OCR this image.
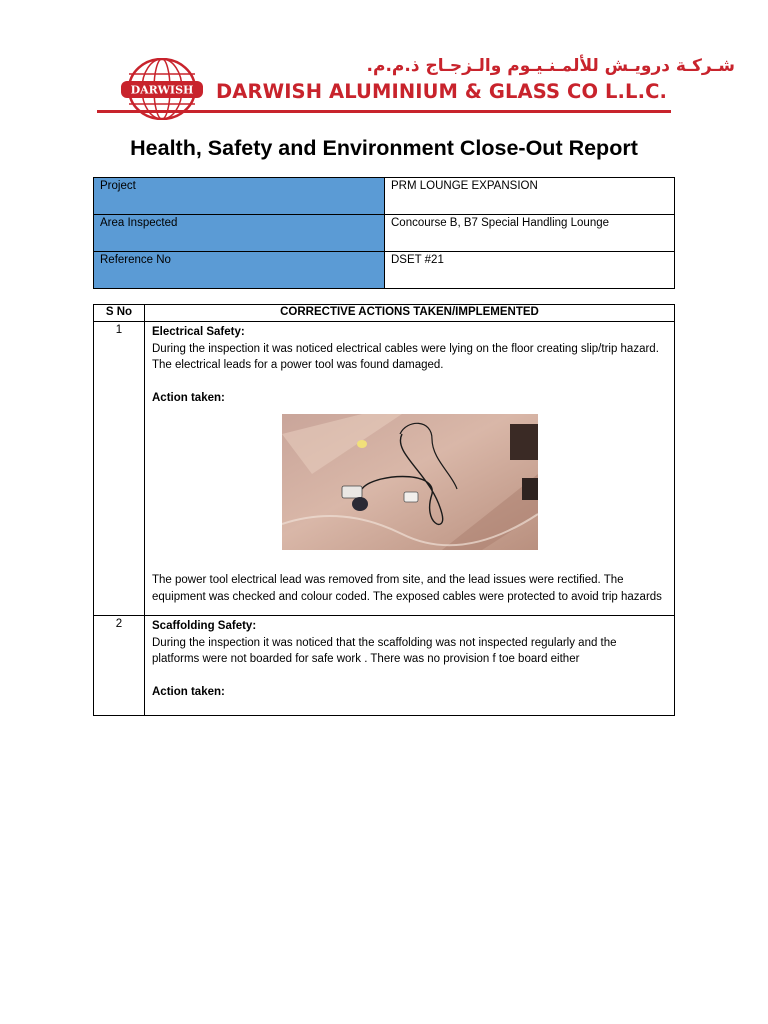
DARWISH
شـركـة درويـش للألمـنـيـوم والـزجـاج ذ.م.م.
DARWISH ALUMINIUM & GLASS CO L.L.C.
Health, Safety and Environment Close-Out Report
Project	PRM LOUNGE EXPANSION
Area Inspected	Concourse B, B7 Special Handling Lounge
Reference No	DSET #21
S No	CORRECTIVE ACTIONS TAKEN/IMPLEMENTED
1	Electrical Safety:
During the inspection it was noticed electrical cables were lying on the floor creating slip/trip hazard. The electrical leads for a power tool was found damaged.
Action taken:
The power tool electrical lead was removed from site, and the lead issues were rectified. The equipment was checked and colour coded. The exposed cables were protected to avoid trip hazards

2	Scaffolding Safety:
During the inspection it was noticed that the scaffolding was not inspected regularly and the platforms were not boarded for safe work . There was no provision f toe board either
Action taken:
